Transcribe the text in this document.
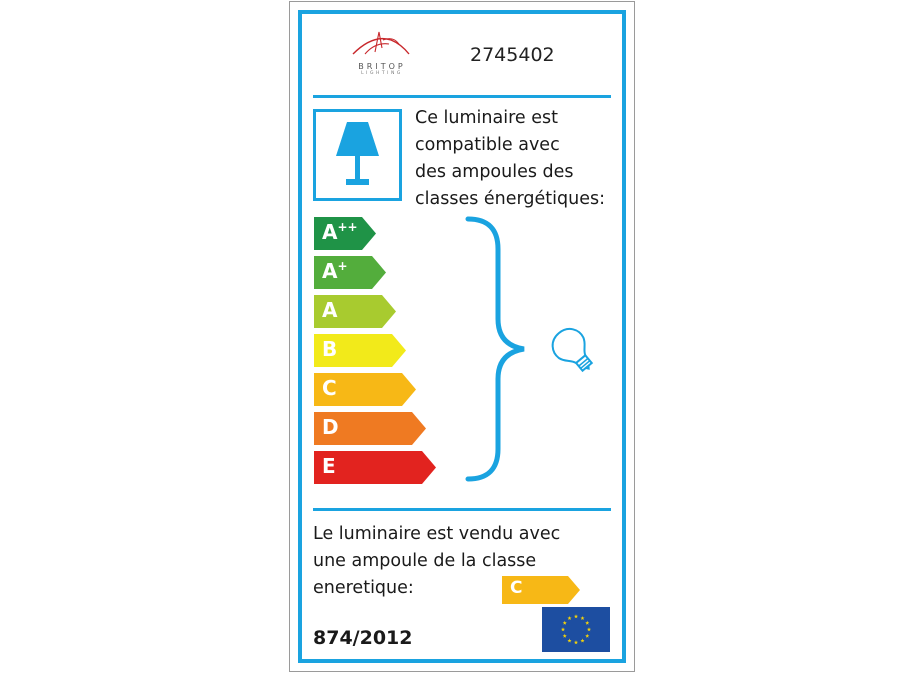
BRITOP
LIGHTING
2745402
Ce luminaire est
compatible avec
des ampoules des
classes énergétiques:
A++
A+
A
B
C
D
E
Le luminaire est vendu avec
une ampoule de la classe
eneretique:	C
874/2012
